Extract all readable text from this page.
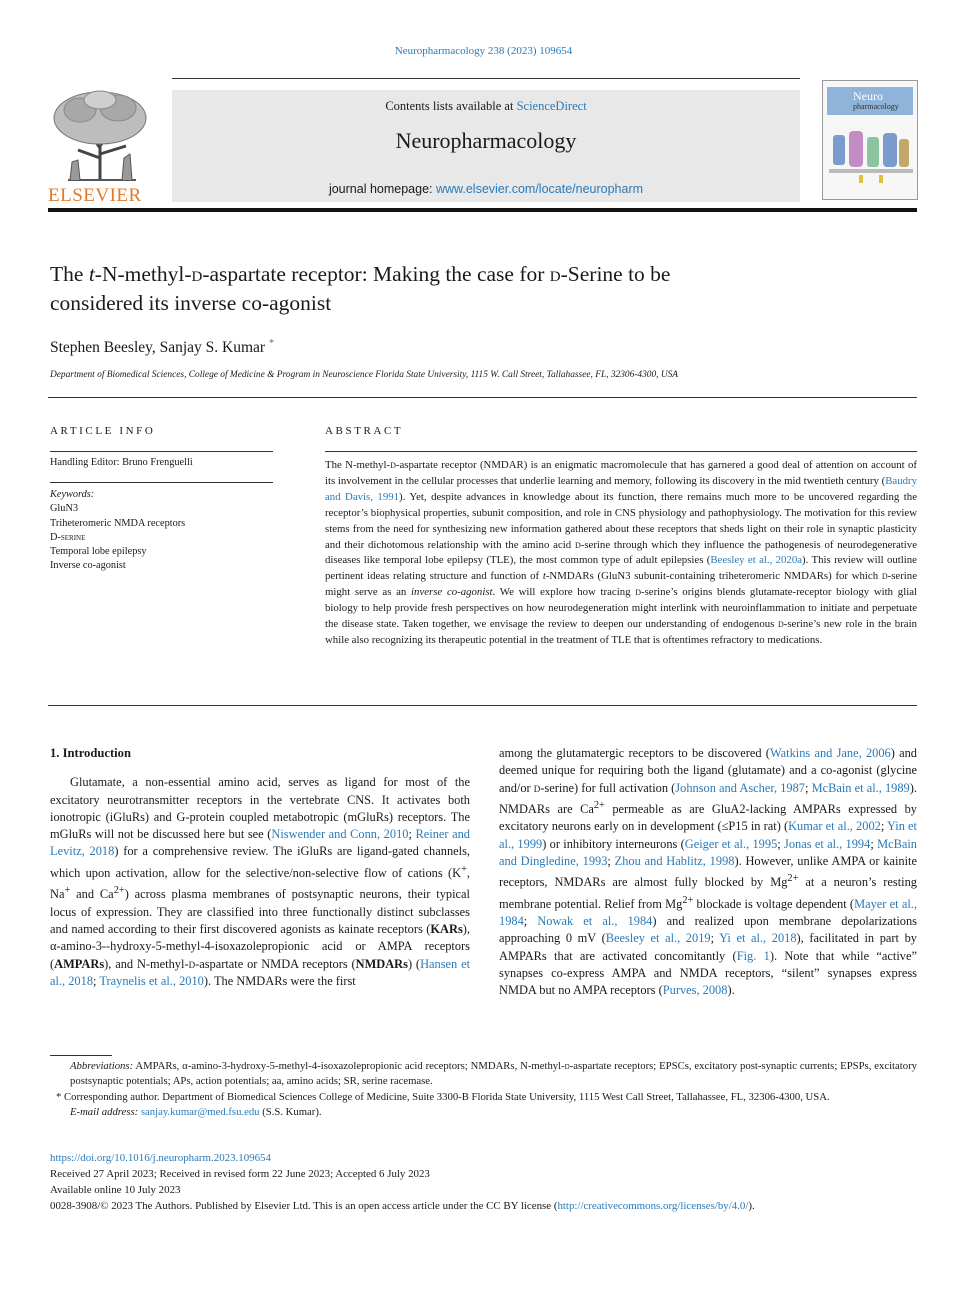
Neuropharmacology 238 (2023) 109654
ELSEVIER
Contents lists available at ScienceDirect
Neuropharmacology
journal homepage: www.elsevier.com/locate/neuropharm
Neuro
pharmacology
The t-N-methyl-d-aspartate receptor: Making the case for d-Serine to be
considered its inverse co-agonist
Stephen Beesley, Sanjay S. Kumar *
Department of Biomedical Sciences, College of Medicine & Program in Neuroscience Florida State University, 1115 W. Call Street, Tallahassee, FL, 32306-4300, USA
ARTICLE INFO	ABSTRACT
Handling Editor: Bruno Frenguelli
Keywords:
GluN3
Triheteromeric NMDA receptors
D-serine
Temporal lobe epilepsy
Inverse co-agonist
The N-methyl-d-aspartate receptor (NMDAR) is an enigmatic macromolecule that has garnered a good deal of attention on account of its involvement in the cellular processes that underlie learning and memory, following its discovery in the mid twentieth century (Baudry and Davis, 1991). Yet, despite advances in knowledge about its function, there remains much more to be uncovered regarding the receptor’s biophysical properties, subunit composition, and role in CNS physiology and pathophysiology. The motivation for this review stems from the need for synthesizing new information gathered about these receptors that sheds light on their role in synaptic plasticity and their dichotomous relationship with the amino acid d-serine through which they influence the pathogenesis of neurodegenerative diseases like temporal lobe epilepsy (TLE), the most common type of adult epilepsies (Beesley et al., 2020a). This review will outline pertinent ideas relating structure and function of t-NMDARs (GluN3 subunit-containing triheteromeric NMDARs) for which d-serine might serve as an inverse co-agonist. We will explore how tracing d-serine’s origins blends glutamate-receptor biology with glial biology to help provide fresh perspectives on how neurodegeneration might interlink with neuroinflammation to initiate and perpetuate the disease state. Taken together, we envisage the review to deepen our understanding of endogenous d-serine’s new role in the brain while also recognizing its therapeutic potential in the treatment of TLE that is oftentimes refractory to medications.
1. Introduction

Glutamate, a non-essential amino acid, serves as ligand for most of the excitatory neurotransmitter receptors in the vertebrate CNS. It activates both ionotropic (iGluRs) and G-protein coupled metabotropic (mGluRs) receptors. The mGluRs will not be discussed here but see (Niswender and Conn, 2010; Reiner and Levitz, 2018) for a comprehensive review. The iGluRs are ligand-gated channels, which upon activation, allow for the selective/non-selective flow of cations (K+, Na+ and $Ca^{2+}$) across plasma membranes of postsynaptic neurons, their typical locus of expression. They are classified into three functionally distinct subclasses and named according to their first discovered agonists as kainate receptors (KARs), α-amino-3--hydroxy-5-methyl-4-isoxazolepropionic acid or AMPA receptors (AMPARs), and N-methyl-d-aspartate or NMDA receptors (NMDARs) (Hansen et al., 2018; Traynelis et al., 2010). The NMDARs were the first

among the glutamatergic receptors to be discovered (Watkins and Jane, 2006) and deemed unique for requiring both the ligand (glutamate) and a co-agonist (glycine and/or d-serine) for full activation (Johnson and Ascher, 1987; McBain et al., 1989). NMDARs are $Ca^{2+}$ permeable as are GluA2-lacking AMPARs expressed by excitatory neurons early on in development (≤P15 in rat) (Kumar et al., 2002; Yin et al., 1999) or inhibitory interneurons (Geiger et al., 1995; Jonas et al., 1994; McBain and Dingledine, 1993; Zhou and Hablitz, 1998). However, unlike AMPA or kainite receptors, NMDARs are almost fully blocked by $Mg^{2+}$ at a neuron’s resting membrane potential. Relief from $Mg^{2+}$ blockade is voltage dependent (Mayer et al., 1984; Nowak et al., 1984) and realized upon membrane depolarizations approaching 0 mV (Beesley et al., 2019; Yi et al., 2018), facilitated in part by AMPARs that are activated concomitantly (Fig. 1). Note that while “active” synapses co-express AMPA and NMDA receptors, “silent” synapses express NMDA but no AMPA receptors (Purves, 2008).

Abbreviations: AMPARs, α-amino-3-hydroxy-5-methyl-4-isoxazolepropionic acid receptors; NMDARs, N-methyl-d-aspartate receptors; EPSCs, excitatory post-synaptic currents; EPSPs, excitatory postsynaptic potentials; APs, action potentials; aa, amino acids; SR, serine racemase.
* Corresponding author. Department of Biomedical Sciences College of Medicine, Suite 3300-B Florida State University, 1115 West Call Street, Tallahassee, FL, 32306-4300, USA.
E-mail address: sanjay.kumar@med.fsu.edu (S.S. Kumar).
https://doi.org/10.1016/j.neuropharm.2023.109654
Received 27 April 2023; Received in revised form 22 June 2023; Accepted 6 July 2023
Available online 10 July 2023
0028-3908/© 2023 The Authors. Published by Elsevier Ltd. This is an open access article under the CC BY license (http://creativecommons.org/licenses/by/4.0/).
